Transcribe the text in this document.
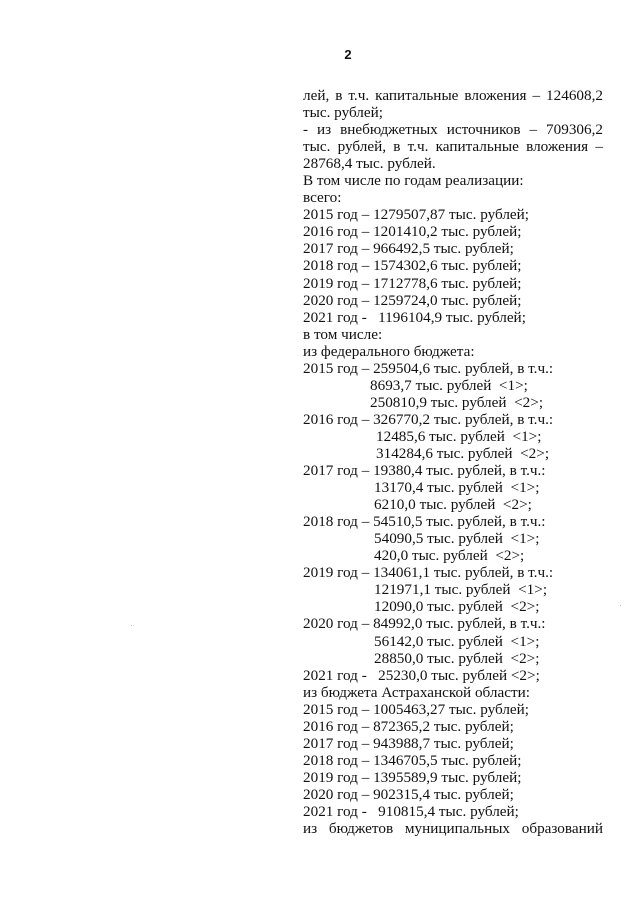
2
лей, в т.ч. капитальные вложения – 124608,2
тыс. рублей;
- из внебюджетных источников – 709306,2
тыс. рублей, в т.ч. капитальные вложения –
28768,4 тыс. рублей.
В том числе по годам реализации:
всего:
2015 год – 1279507,87 тыс. рублей;
2016 год – 1201410,2 тыс. рублей;
2017 год – 966492,5 тыс. рублей;
2018 год – 1574302,6 тыс. рублей;
2019 год – 1712778,6 тыс. рублей;
2020 год – 1259724,0 тыс. рублей;
2021 год -   1196104,9 тыс. рублей;
в том числе:
из федерального бюджета:
2015 год – 259504,6 тыс. рублей, в т.ч.:
8693,7 тыс. рублей  <1>;
250810,9 тыс. рублей  <2>;
2016 год – 326770,2 тыс. рублей, в т.ч.:
12485,6 тыс. рублей  <1>;
314284,6 тыс. рублей  <2>;
2017 год – 19380,4 тыс. рублей, в т.ч.:
13170,4 тыс. рублей  <1>;
6210,0 тыс. рублей  <2>;
2018 год – 54510,5 тыс. рублей, в т.ч.:
54090,5 тыс. рублей  <1>;
420,0 тыс. рублей  <2>;
2019 год – 134061,1 тыс. рублей, в т.ч.:
121971,1 тыс. рублей  <1>;
12090,0 тыс. рублей  <2>;
2020 год – 84992,0 тыс. рублей, в т.ч.:
56142,0 тыс. рублей  <1>;
28850,0 тыс. рублей  <2>;
2021 год -   25230,0 тыс. рублей <2>;
из бюджета Астраханской области:
2015 год – 1005463,27 тыс. рублей;
2016 год – 872365,2 тыс. рублей;
2017 год – 943988,7 тыс. рублей;
2018 год – 1346705,5 тыс. рублей;
2019 год – 1395589,9 тыс. рублей;
2020 год – 902315,4 тыс. рублей;
2021 год -   910815,4 тыс. рублей;
из бюджетов муниципальных образований
